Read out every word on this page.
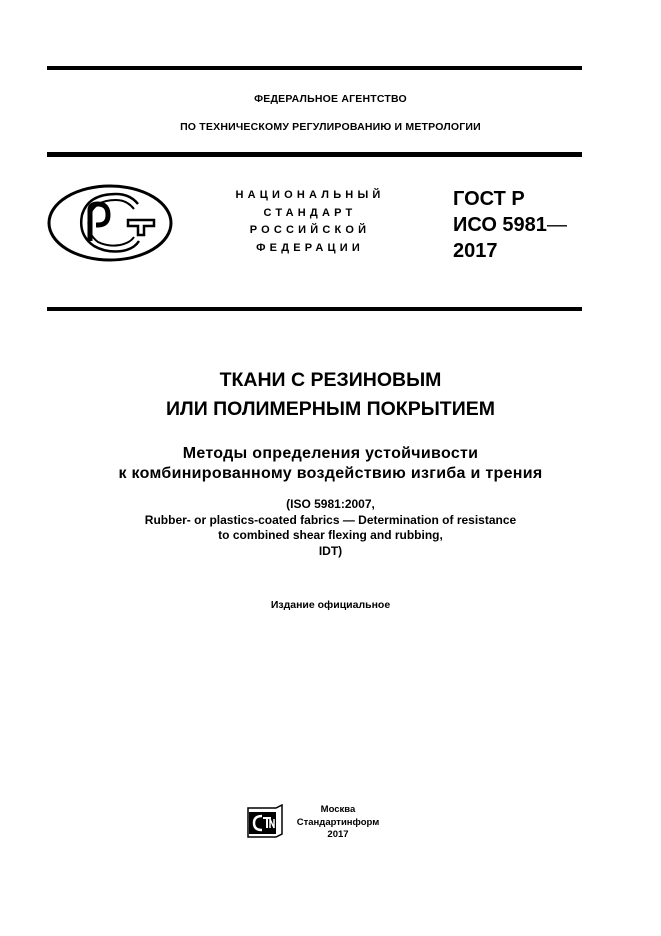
ФЕДЕРАЛЬНОЕ АГЕНТСТВО
ПО ТЕХНИЧЕСКОМУ РЕГУЛИРОВАНИЮ И МЕТРОЛОГИИ
НАЦИОНАЛЬНЫЙ
СТАНДАРТ
РОССИЙСКОЙ
ФЕДЕРАЦИИ
ГОСТ Р
ИСО 5981—
2017
ТКАНИ С РЕЗИНОВЫМ
ИЛИ ПОЛИМЕРНЫМ ПОКРЫТИЕМ
Методы определения устойчивости
к комбинированному воздействию изгиба и трения
(ISO 5981:2007,
Rubber- or plastics-coated fabrics — Determination of resistance
to combined shear flexing and rubbing,
IDT)
Издание официальное
Москва
Стандартинформ
2017
